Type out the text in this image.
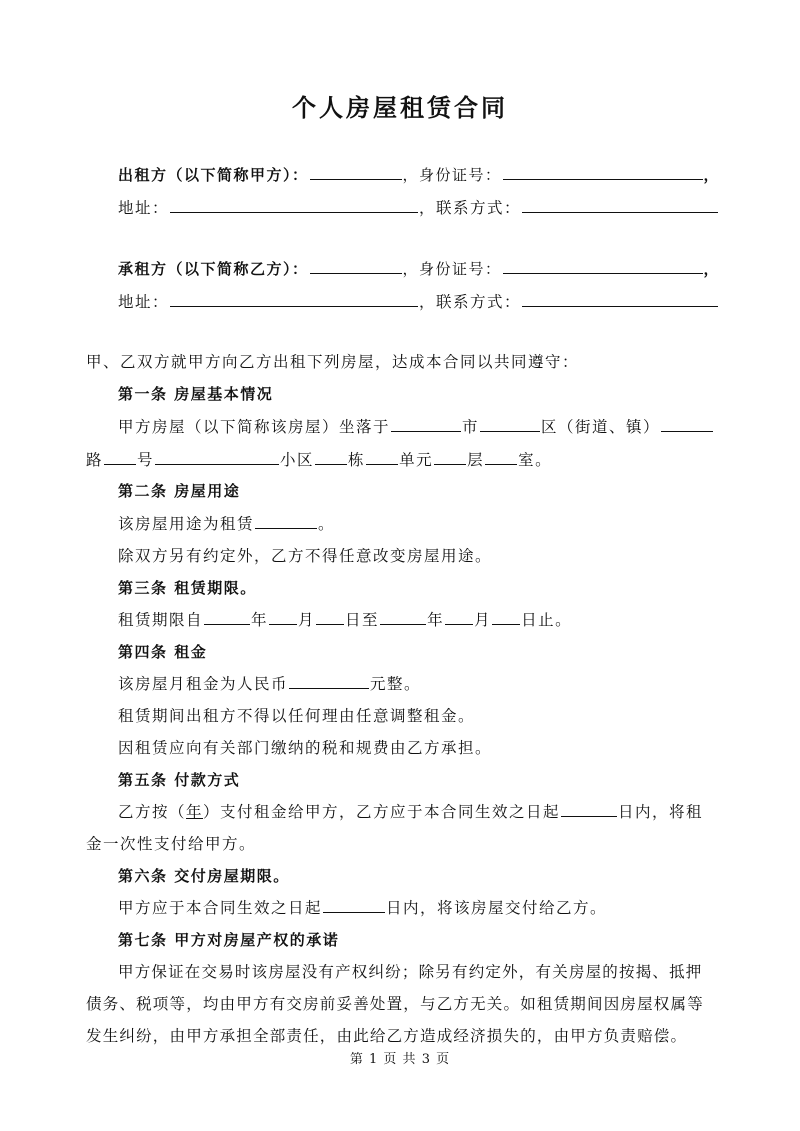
个人房屋租赁合同
出租方（以下简称甲方）：	，身份证号：	，
地址：	，联系方式：
承租方（以下简称乙方）：	，身份证号：	，
地址：	，联系方式：
甲、乙双方就甲方向乙方出租下列房屋，达成本合同以共同遵守：
第一条 房屋基本情况
甲方房屋（以下简称该房屋）坐落于	市	区（街道、镇）
路 号	小区 栋 单元 层 室。
第二条 房屋用途
该房屋用途为租赁	。
除双方另有约定外，乙方不得任意改变房屋用途。
第三条 租赁期限。
租赁期限自	年 月 日至	年 月 日止。
第四条 租金
该房屋月租金为人民币	元整。
租赁期间出租方不得以任何理由任意调整租金。
因租赁应向有关部门缴纳的税和规费由乙方承担。
第五条 付款方式
乙方按（年）支付租金给甲方，乙方应于本合同生效之日起	日内，将租
金一次性支付给甲方。
第六条 交付房屋期限。
甲方应于本合同生效之日起	日内，将该房屋交付给乙方。
第七条 甲方对房屋产权的承诺
甲方保证在交易时该房屋没有产权纠纷；除另有约定外，有关房屋的按揭、抵押
债务、税项等，均由甲方有交房前妥善处置，与乙方无关。如租赁期间因房屋权属等
发生纠纷，由甲方承担全部责任，由此给乙方造成经济损失的，由甲方负责赔偿。
第 1 页 共 3 页
